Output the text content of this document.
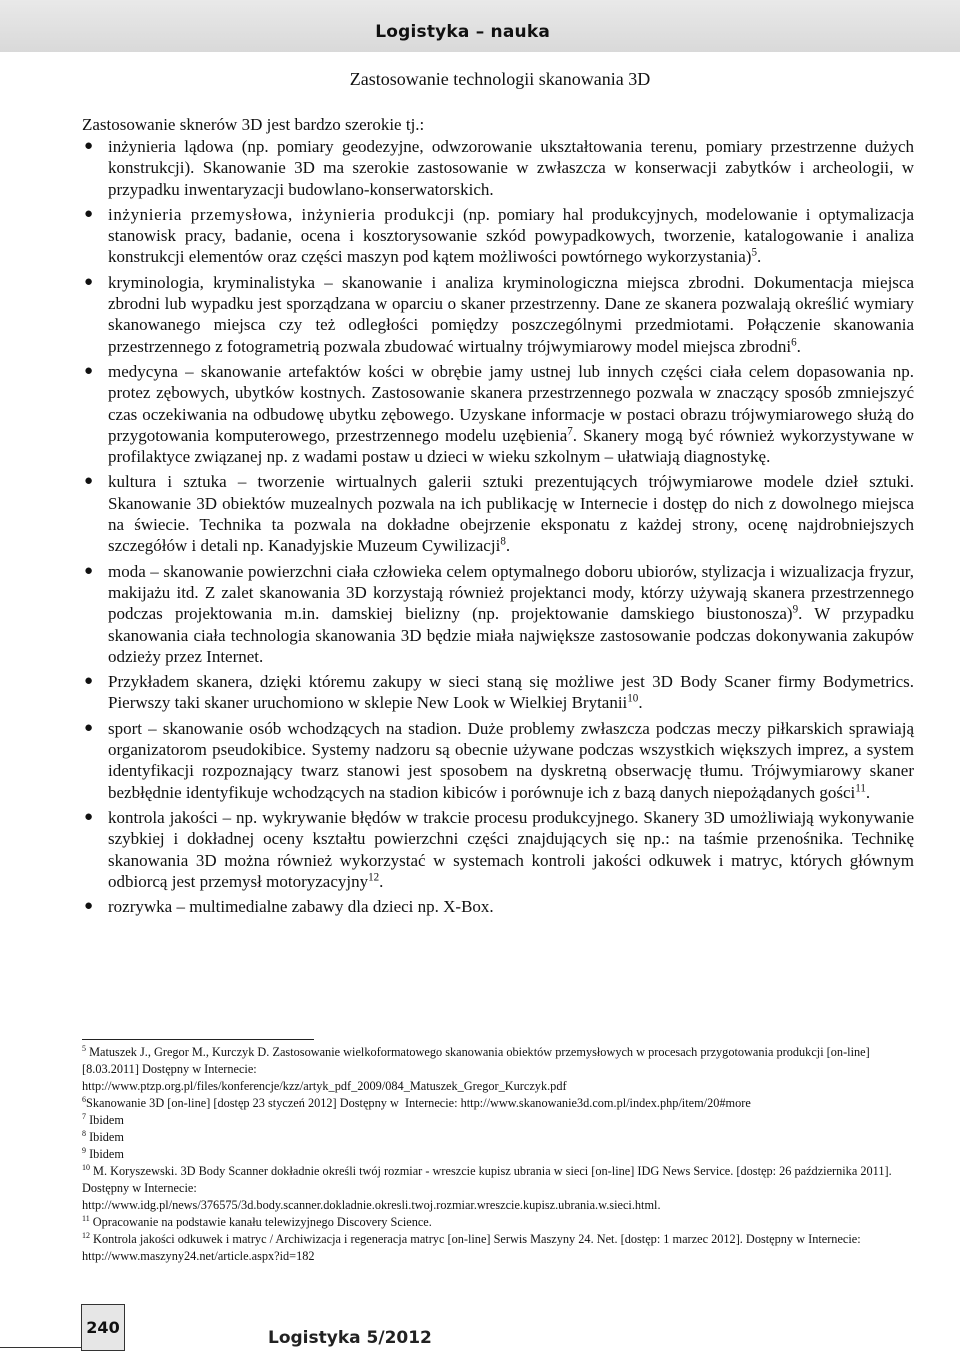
Logistyka – nauka
Zastosowanie technologii skanowania 3D
Zastosowanie sknerów 3D jest bardzo szerokie tj.:
● inżynieria lądowa (np. pomiary geodezyjne, odwzorowanie ukształtowania terenu, pomiary przestrzenne dużych konstrukcji). Skanowanie 3D ma szerokie zastosowanie w zwłaszcza w konserwacji zabytków i archeologii, w przypadku inwentaryzacji budowlano-konserwatorskich.
● inżynieria przemysłowa, inżynieria produkcji (np. pomiary hal produkcyjnych, modelowanie i optymalizacja stanowisk pracy, badanie, ocena i kosztorysowanie szkód powypadkowych, tworzenie, katalogowanie i analiza konstrukcji elementów oraz części maszyn pod kątem możliwości powtórnego wykorzystania)$^5$.
● kryminologia, kryminalistyka – skanowanie i analiza kryminologiczna miejsca zbrodni. Dokumentacja miejsca zbrodni lub wypadku jest sporządzana w oparciu o skaner przestrzenny. Dane ze skanera pozwalają określić wymiary skanowanego miejsca czy też odległości pomiędzy poszczególnymi przedmiotami. Połączenie skanowania przestrzennego z fotogrametrią pozwala zbudować wirtualny trójwymiarowy model miejsca zbrodni$^6$.
● medycyna – skanowanie artefaktów kości w obrębie jamy ustnej lub innych części ciała celem dopasowania np. protez zębowych, ubytków kostnych. Zastosowanie skanera przestrzennego pozwala w znaczący sposób zmniejszyć czas oczekiwania na odbudowę ubytku zębowego. Uzyskane informacje w postaci obrazu trójwymiarowego służą do przygotowania komputerowego, przestrzennego modelu uzębienia$^7$. Skanery mogą być również wykorzystywane w profilaktyce związanej np. z wadami postaw u dzieci w wieku szkolnym – ułatwiają diagnostykę.
● kultura i sztuka – tworzenie wirtualnych galerii sztuki prezentujących trójwymiarowe modele dzieł sztuki. Skanowanie 3D obiektów muzealnych pozwala na ich publikację w Internecie i dostęp do nich z dowolnego miejsca na świecie. Technika ta pozwala na dokładne obejrzenie eksponatu z każdej strony, ocenę najdrobniejszych szczegółów i detali np. Kanadyjskie Muzeum Cywilizacji$^8$.
● moda – skanowanie powierzchni ciała człowieka celem optymalnego doboru ubiorów, stylizacja i wizualizacja fryzur, makijażu itd. Z zalet skanowania 3D korzystają również projektanci mody, którzy używają skanera przestrzennego podczas projektowania m.in. damskiej bielizny (np. projektowanie damskiego biustonosza)$^9$. W przypadku skanowania ciała technologia skanowania 3D będzie miała największe zastosowanie podczas dokonywania zakupów odzieży przez Internet.
● Przykładem skanera, dzięki któremu zakupy w sieci staną się możliwe jest 3D Body Scaner firmy Bodymetrics. Pierwszy taki skaner uruchomiono w sklepie New Look w Wielkiej Brytanii$^{10}$.
● sport – skanowanie osób wchodzących na stadion. Duże problemy zwłaszcza podczas meczy piłkarskich sprawiają organizatorom pseudokibice. Systemy nadzoru są obecnie używane podczas wszystkich większych imprez, a system identyfikacji rozpoznający twarz stanowi jest sposobem na dyskretną obserwację tłumu. Trójwymiarowy skaner bezbłędnie identyfikuje wchodzących na stadion kibiców i porównuje ich z bazą danych niepożądanych gości$^{11}$.
● kontrola jakości – np. wykrywanie błędów w trakcie procesu produkcyjnego. Skanery 3D umożliwiają wykonywanie szybkiej i dokładnej oceny kształtu powierzchni części znajdujących się np.: na taśmie przenośnika. Technikę skanowania 3D można również wykorzystać w systemach kontroli jakości odkuwek i matryc, których głównym odbiorcą jest przemysł motoryzacyjny$^{12}$.
● rozrywka – multimedialne zabawy dla dzieci np. X-Box.

$^5$ Matuszek J., Gregor M., Kurczyk D. Zastosowanie wielkoformatowego skanowania obiektów przemysłowych w procesach przygotowania produkcji [on-line] [8.03.2011] Dostępny w Internecie:
http://www.ptzp.org.pl/files/konferencje/kzz/artyk_pdf_2009/084_Matuszek_Gregor_Kurczyk.pdf

$^6$Skanowanie 3D [on-line] [dostęp 23 styczeń 2012] Dostępny w  Internecie: http://www.skanowanie3d.com.pl/index.php/item/20#more

$^7$ Ibidem

$^8$ Ibidem

$^9$ Ibidem

$^{10}$ M. Koryszewski. 3D Body Scanner dokładnie określi twój rozmiar - wreszcie kupisz ubrania w sieci [on-line] IDG News Service. [dostęp: 26 października 2011]. Dostępny w Internecie:
http://www.idg.pl/news/376575/3d.body.scanner.dokladnie.okresli.twoj.rozmiar.wreszcie.kupisz.ubrania.w.sieci.html.

$^{11}$ Opracowanie na podstawie kanału telewizyjnego Discovery Science.

$^{12}$ Kontrola jakości odkuwek i matryc / Archiwizacja i regeneracja matryc [on-line] Serwis Maszyny 24. Net. [dostęp: 1 marzec 2012]. Dostępny w Internecie: http://www.maszyny24.net/article.aspx?id=182

240
Logistyka 5/2012
